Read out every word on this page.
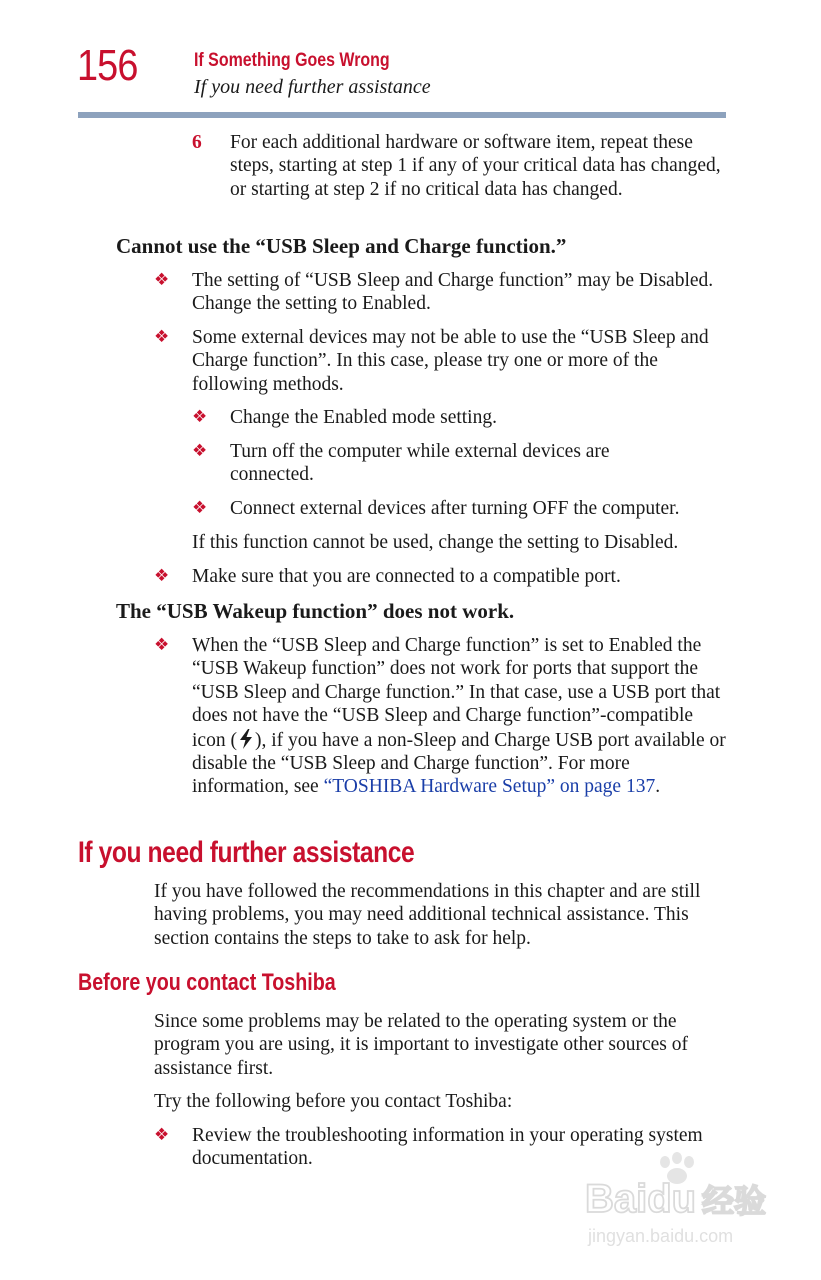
156	If Something Goes Wrong
If you need further assistance
6 For each additional hardware or software item, repeat these steps, starting at step 1 if any of your critical data has changed, or starting at step 2 if no critical data has changed.
Cannot use the “USB Sleep and Charge function.”
❖ The setting of “USB Sleep and Charge function” may be Disabled. Change the setting to Enabled.
❖ Some external devices may not be able to use the “USB Sleep and Charge function”. In this case, please try one or more of the following methods.
❖ Change the Enabled mode setting.
❖ Turn off the computer while external devices are connected.
❖ Connect external devices after turning OFF the computer.
If this function cannot be used, change the setting to Disabled.
❖ Make sure that you are connected to a compatible port.
The “USB Wakeup function” does not work.
❖ When the “USB Sleep and Charge function” is set to Enabled the “USB Wakeup function” does not work for ports that support the “USB Sleep and Charge function.” In that case, use a USB port that does not have the “USB Sleep and Charge function”-compatible icon ( ), if you have a non-Sleep and Charge USB port available or disable the “USB Sleep and Charge function”. For more information, see “TOSHIBA Hardware Setup” on page 137.
If you need further assistance
If you have followed the recommendations in this chapter and are still having problems, you may need additional technical assistance. This section contains the steps to take to ask for help.
Before you contact Toshiba
Since some problems may be related to the operating system or the program you are using, it is important to investigate other sources of assistance first.
Try the following before you contact Toshiba:
❖ Review the troubleshooting information in your operating system documentation.
Baidu 经验
jingyan.baidu.com
